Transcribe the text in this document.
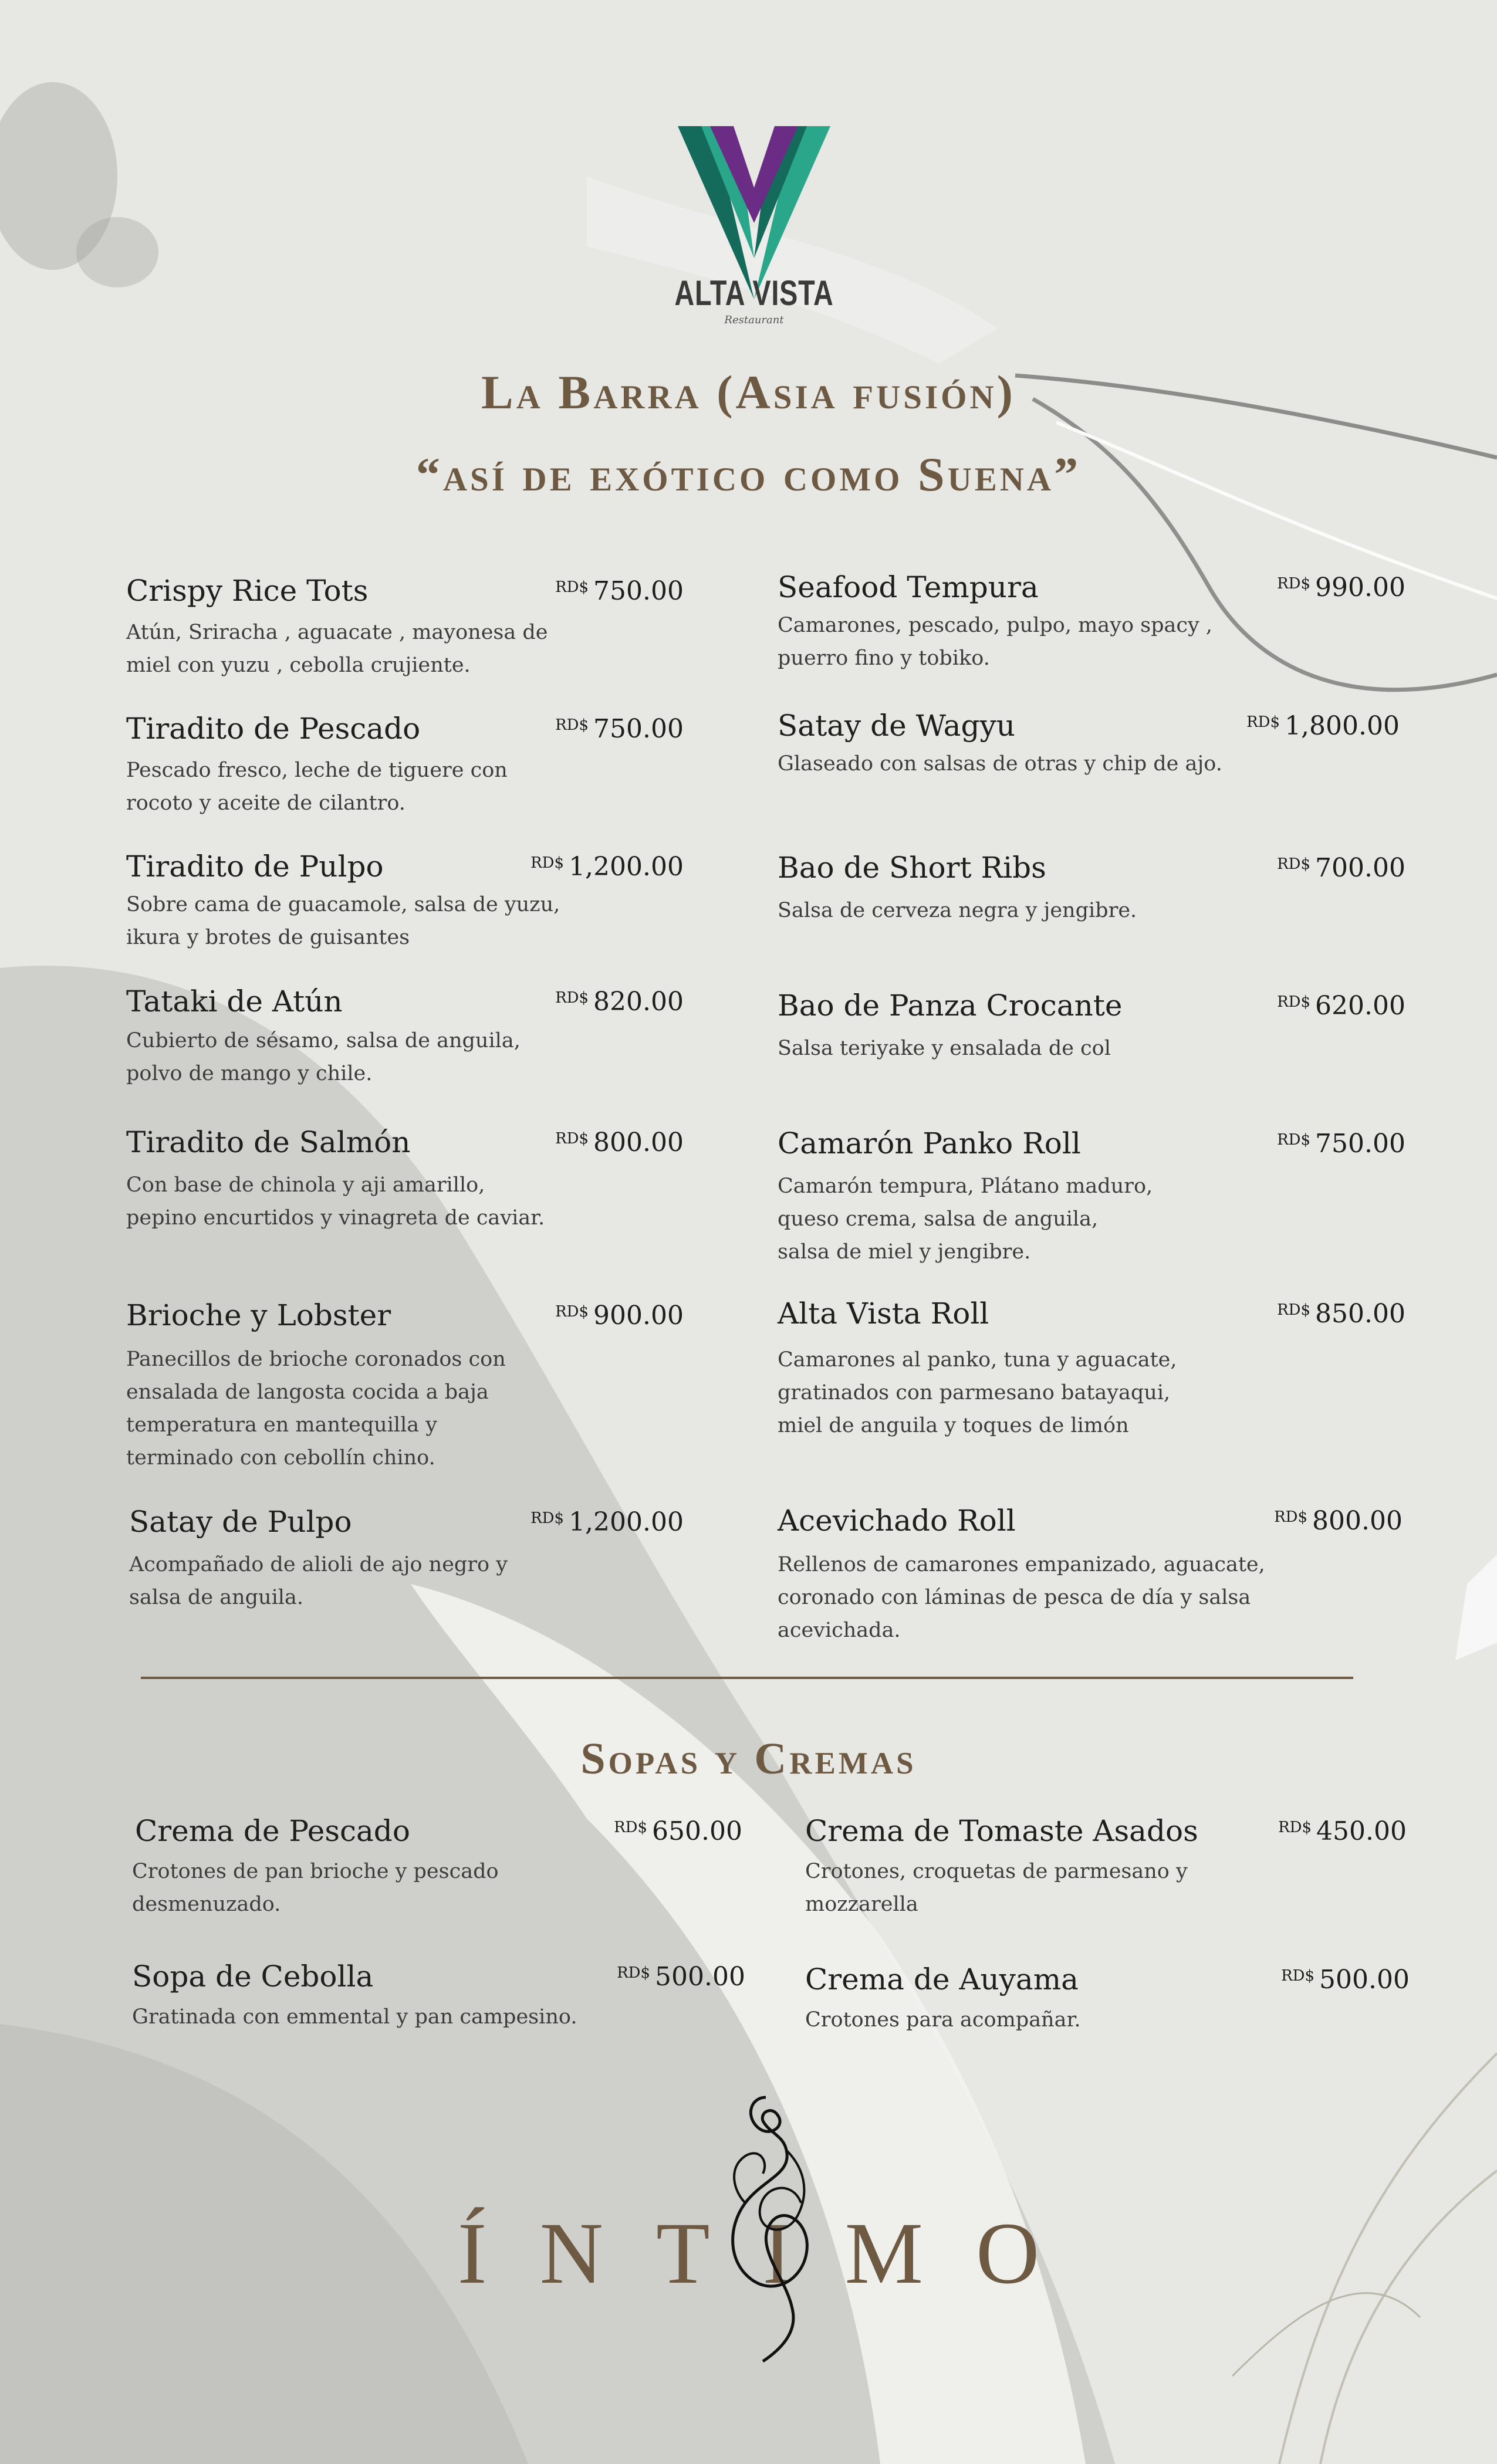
ALTA VISTA
Restaurant
La Barra (Asia fusión)
“así de exótico como Suena”
Crispy Rice Tots	$^{RD\$}$ 750.00
Atún, Sriracha , aguacate , mayonesa de
miel con yuzu , cebolla crujiente.
Tiradito de Pescado	$^{RD\$}$ 750.00
Pescado fresco, leche de tiguere con
rocoto y aceite de cilantro.
Tiradito de Pulpo	$^{RD\$}$ 1,200.00
Sobre cama de guacamole, salsa de yuzu,
ikura y brotes de guisantes
Tataki de Atún	$^{RD\$}$ 820.00
Cubierto de sésamo, salsa de anguila,
polvo de mango y chile.
Tiradito de Salmón	$^{RD\$}$ 800.00
Con base de chinola y aji amarillo,
pepino encurtidos y vinagreta de caviar.
Brioche y Lobster	$^{RD\$}$ 900.00
Panecillos de brioche coronados con
ensalada de langosta cocida a baja
temperatura en mantequilla y
terminado con cebollín chino.
Satay de Pulpo	$^{RD\$}$ 1,200.00
Acompañado de alioli de ajo negro y
salsa de anguila.
Seafood Tempura	$^{RD\$}$ 990.00
Camarones, pescado, pulpo, mayo spacy ,
puerro fino y tobiko.
Satay de Wagyu	$^{RD\$}$ 1,800.00
Glaseado con salsas de otras y chip de ajo.
Bao de Short Ribs	$^{RD\$}$ 700.00
Salsa de cerveza negra y jengibre.
Bao de Panza Crocante	$^{RD\$}$ 620.00
Salsa teriyake y ensalada de col
Camarón Panko Roll	$^{RD\$}$ 750.00
Camarón tempura, Plátano maduro,
queso crema, salsa de anguila,
salsa de miel y jengibre.
Alta Vista Roll	$^{RD\$}$ 850.00
Camarones al panko, tuna y aguacate,
gratinados con parmesano batayaqui,
miel de anguila y toques de limón
Acevichado Roll	$^{RD\$}$ 800.00
Rellenos de camarones empanizado, aguacate,
coronado con láminas de pesca de día y salsa
acevichada.
Sopas y Cremas
Crema de Pescado	$^{RD\$}$ 650.00
Crotones de pan brioche y pescado
desmenuzado.
Crema de Tomaste Asados	$^{RD\$}$ 450.00
Crotones, croquetas de parmesano y
mozzarella
Sopa de Cebolla	$^{RD\$}$ 500.00
Gratinada con emmental y pan campesino.
Crema de Auyama	$^{RD\$}$ 500.00
Crotones para acompañar.
ÍNTIMO
